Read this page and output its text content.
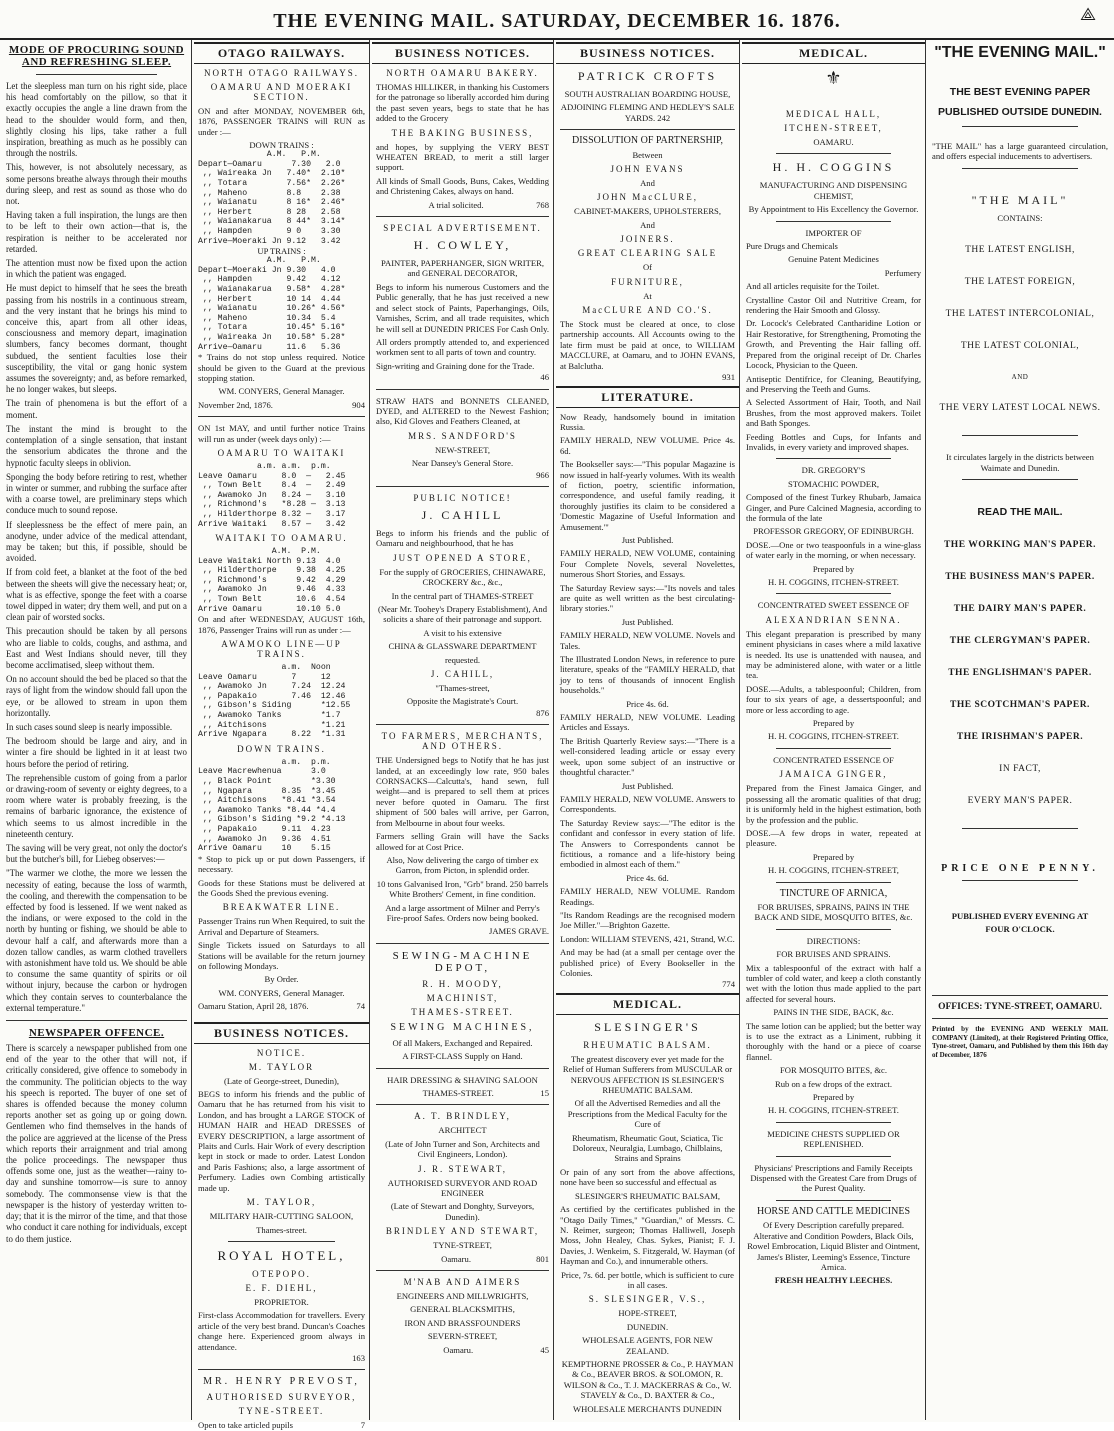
THE EVENING MAIL. SATURDAY, DECEMBER 16. 1876.	⟁
MODE OF PROCURING SOUND AND REFRESHING SLEEP.

Let the sleepless man turn on his right side, place his head comfortably on the pillow, so that it exactly occupies the angle a line drawn from the head to the shoulder would form, and then, slightly closing his lips, take rather a full inspiration, breathing as much as he possibly can through the nostrils.

This, however, is not absolutely necessary, as some persons breathe always through their mouths during sleep, and rest as sound as those who do not.

Having taken a full inspiration, the lungs are then to be left to their own action—that is, the respiration is neither to be accelerated nor retarded.

The attention must now be fixed upon the action in which the patient was engaged.

He must depict to himself that he sees the breath passing from his nostrils in a continuous stream, and the very instant that he brings his mind to conceive this, apart from all other ideas, consciousness and memory depart, imagination slumbers, fancy becomes dormant, thought subdued, the sentient faculties lose their susceptibility, the vital or gang honic system assumes the sovereignty; and, as before remarked, he no longer wakes, but sleeps.

The train of phenomena is but the effort of a moment.

The instant the mind is brought to the contemplation of a single sensation, that instant the sensorium abdicates the throne and the hypnotic faculty sleeps in oblivion.

Sponging the body before retiring to rest, whether in winter or summer, and rubbing the surface after with a coarse towel, are preliminary steps which conduce much to sound repose.

If sleeplessness be the effect of mere pain, an anodyne, under advice of the medical attendant, may be taken; but this, if possible, should be avoided.

If from cold feet, a blanket at the foot of the bed between the sheets will give the necessary heat; or, what is as effective, sponge the feet with a coarse towel dipped in water; dry them well, and put on a clean pair of worsted socks.

This precaution should be taken by all persons who are liable to colds, coughs, and asthma, and East and West Indians should never, till they become acclimatised, sleep without them.

On no account should the bed be placed so that the rays of light from the window should fall upon the eye, or be allowed to stream in upon them horizontally.

In such cases sound sleep is nearly impossible.

The bedroom should be large and airy, and in winter a fire should be lighted in it at least two hours before the period of retiring.

The reprehensible custom of going from a parlor or drawing-room of seventy or eighty degrees, to a room where water is probably freezing, is the remains of barbaric ignorance, the existence of which seems to us almost incredible in the nineteenth century.

The saving will be very great, not only the doctor's but the butcher's bill, for Liebeg observes:—

"The warmer we clothe, the more we lessen the necessity of eating, because the loss of warmth, the cooling, and therewith the compensation to be effected by food is lessened. If we went naked as the indians, or were exposed to the cold in the north by hunting or fishing, we should be able to devour half a calf, and afterwards more than a dozen tallow candles, as warm clothed travellers with astonishment have told us. We should be able to consume the same quantity of spirits or oil without injury, because the carbon or hydrogen which they contain serves to counterbalance the external temperature."

NEWSPAPER OFFENCE.

There is scarcely a newspaper published from one end of the year to the other that will not, if critically considered, give offence to somebody in the community. The politician objects to the way his speech is reported. The buyer of one set of shares is offended because the money column reports another set as going up or going down. Gentlemen who find themselves in the hands of the police are aggrieved at the license of the Press which reports their arraignment and trial among the police proceedings. The newspaper thus offends some one, just as the weather—rainy to-day and sunshine tomorrow—is sure to annoy somebody. The commonsense view is that the newspaper is the history of yesterday written to-day; that it is the mirror of the time, and that those who conduct it care nothing for individuals, except to do them justice.

OTAGO RAILWAYS.
NORTH OTAGO RAILWAYS.
OAMARU AND MOERAKI SECTION.

ON and after MONDAY, NOVEMBER 6th, 1876, PASSENGER TRAINS will RUN as under :—

DOWN TRAINS :
A.M.   P.M.
Depart—Oamaru      7.30   2.0
,, Waireaka Jn   7.40*  2.10*
,, Totara        7.56*  2.26*
,, Maheno        8.8    2.38
,, Waianatu      8 16*  2.46*
,, Herbert       8 28   2.58
,, Waianakarua   8 44*  3.14*
,, Hampden       9 0    3.30
Arrive—Moeraki Jn 9.12   3.42
UP TRAINS :
A.M.   P.M.
Depart—Moeraki Jn 9.30   4.0
,, Hampden       9.42   4.12
,, Waianakarua   9.58*  4.28*
,, Herbert       10 14  4.44
,, Waianatu      10.26* 4.56*
,, Maheno        10.34  5.4
,, Totara        10.45* 5.16*
,, Waireaka Jn   10.58* 5.28*
Arrive—Oamaru     11.6   5.36

* Trains do not stop unless required. Notice should be given to the Guard at the previous stopping station.

WM. CONYERS, General Manager.

November 2nd, 1876.	904

ON 1st MAY, and until further notice Trains will run as under (week days only) :—

OAMARU TO WAITAKI
a.m. a.m.  p.m.
Leave Oamaru     8.0  —   2.45
,, Town Belt    8.4  —   2.49
,, Awamoko Jn   8.24 —   3.10
,, Richmond's   *8.28 —  3.13
,, Hilderthorpe 8.32 —   3.17
Arrive Waitaki   8.57 —   3.42
WAITAKI TO OAMARU.
A.M.  P.M.
Leave Waitaki North 9.13  4.0
,, Hilderthorpe    9.38  4.25
,, Richmond's      9.42  4.29
,, Awamoko Jn      9.46  4.33
,, Town Belt       10.6  4.54
Arrive Oamaru       10.10 5.0

On and after WEDNESDAY, AUGUST 16th, 1876, Passenger Trains will run as under :—

AWAMOKO LINE—UP TRAINS.
a.m.  Noon
Leave Oamaru       7     12
,, Awamoko Jn     7.24  12.24
,, Papakaio       7.46  12.46
,, Gibson's Siding      *12.55
,, Awamoko Tanks        *1.7
,, Aitchisons           *1.21
Arrive Ngapara     8.22  *1.31
DOWN TRAINS.
a.m.  p.m.
Leave Macrewhenua      3.0
,, Black Point        *3.30
,, Ngapara      8.35  *3.45
,, Aitchisons   *8.41 *3.54
,, Awamoko Tanks *8.44 *4.4
,, Gibson's Siding *9.2 *4.13
,, Papakaio     9.11  4.23
,, Awamoko Jn   9.36  4.51
Arrive Oamaru    10    5.15

* Stop to pick up or put down Passengers, if necessary.

Goods for these Stations must be delivered at the Goods Shed the previous evening.

BREAKWATER LINE.

Passenger Trains run When Required, to suit the Arrival and Departure of Steamers.

Single Tickets issued on Saturdays to all Stations will be available for the return journey on following Mondays.

By Order.

WM. CONYERS, General Manager.

Oamaru Station, April 28, 1876.	74

BUSINESS NOTICES.
NOTICE.
M. TAYLOR

(Late of George-street, Dunedin),

BEGS to inform his friends and the public of Oamaru that he has returned from his visit to London, and has brought a LARGE STOCK of HUMAN HAIR and HEAD DRESSES of EVERY DESCRIPTION, a large assortment of Plaits and Curls. Hair Work of every description kept in stock or made to order. Latest London and Paris Fashions; also, a large assortment of Perfumery. Ladies own Combing artistically made up.

M. TAYLOR,

MILITARY HAIR-CUTTING SALOON,

Thames-street.

ROYAL HOTEL,
OTEPOPO.
E. F. DIEHL,

PROPRIETOR.

First-class Accommodation for travellers. Every article of the very best brand. Duncan's Coaches change here. Experienced groom always in attendance.

163

MR. HENRY PREVOST,
AUTHORISED SURVEYOR,
TYNE-STREET.

Open to take articled pupils	7

BUSINESS NOTICES.
NORTH OAMARU BAKERY.

THOMAS HILLIKER, in thanking his Customers for the patronage so liberally accorded him during the past seven years, begs to state that he has added to the Grocery

THE BAKING BUSINESS,

and hopes, by supplying the VERY BEST WHEATEN BREAD, to merit a still larger support.

All kinds of Small Goods, Buns, Cakes, Wedding and Christening Cakes, always on hand.

A trial solicited.	768

SPECIAL ADVERTISEMENT.
H. COWLEY,

PAINTER, PAPERHANGER, SIGN WRITER, and GENERAL DECORATOR,

Begs to inform his numerous Customers and the Public generally, that he has just received a new and select stock of Paints, Paperhangings, Oils, Varnishes, Scrim, and all trade requisites, which he will sell at DUNEDIN PRICES For Cash Only.

All orders promptly attended to, and experienced workmen sent to all parts of town and country.

Sign-writing and Graining done for the Trade.

46

STRAW HATS and BONNETS CLEANED, DYED, and ALTERED to the Newest Fashion; also, Kid Gloves and Feathers Cleaned, at

MRS. SANDFORD'S

NEW-STREET,

Near Dansey's General Store.

966

PUBLIC NOTICE!
J. CAHILL

Begs to inform his friends and the public of Oamaru and neighbourhood, that he has

JUST OPENED A STORE,

For the supply of GROCERIES, CHINAWARE, CROCKERY &c., &c.,

In the central part of THAMES-STREET

(Near Mr. Toohey's Drapery Establishment), And solicits a share of their patronage and support.

A visit to his extensive

CHINA & GLASSWARE DEPARTMENT

requested.

J. CAHILL,

"Thames-street,

Opposite the Magistrate's Court.

876

TO FARMERS, MERCHANTS, AND OTHERS.

THE Undersigned begs to Notify that he has just landed, at an exceedingly low rate, 950 bales CORNSACKS—Calcutta's, hand sewn, full weight—and is prepared to sell them at prices never before quoted in Oamaru. The first shipment of 500 bales will arrive, per Garron, from Melbourne in about four weeks.

Farmers selling Grain will have the Sacks allowed for at Cost Price.

Also, Now delivering the cargo of timber ex Garron, from Picton, in splendid order.

10 tons Galvanised Iron, "Grb" brand. 250 barrels White Brothers' Cement, in fine condition.

And a large assortment of Milner and Perry's Fire-proof Safes. Orders now being booked.

JAMES GRAVE.

SEWING-MACHINE DEPOT,
R. H. MOODY,
MACHINIST,
THAMES-STREET.
SEWING MACHINES,

Of all Makers, Exchanged and Repaired.

A FIRST-CLASS Supply on Hand.

HAIR DRESSING & SHAVING SALOON

THAMES-STREET.	15

A. T. BRINDLEY,

ARCHITECT

(Late of John Turner and Son, Architects and Civil Engineers, London).

J. R. STEWART,

AUTHORISED SURVEYOR AND ROAD ENGINEER

(Late of Stewart and Donghty, Surveyors, Dunedin).

BRINDLEY AND STEWART,

TYNE-STREET,

Oamaru.	801

M'NAB AND AIMERS

ENGINEERS AND MILLWRIGHTS,

GENERAL BLACKSMITHS,

IRON AND BRASSFOUNDERS

SEVERN-STREET,

Oamaru.	45

BUSINESS NOTICES.
PATRICK CROFTS

SOUTH AUSTRALIAN BOARDING HOUSE,

ADJOINING FLEMING AND HEDLEY'S SALE YARDS. 242

DISSOLUTION OF PARTNERSHIP,

Between

JOHN EVANS

And

JOHN MacCLURE,

CABINET-MAKERS, UPHOLSTERERS,

And

JOINERS.
GREAT CLEARING SALE

Of

FURNITURE,

At

MacCLURE AND CO.'S.

The Stock must be cleared at once, to close partnership accounts. All Accounts owing to the late firm must be paid at once, to WILLIAM MACCLURE, at Oamaru, and to JOHN EVANS, at Balclutha.

931

LITERATURE.

Now Ready, handsomely bound in imitation Russia.

FAMILY HERALD, NEW VOLUME. Price 4s. 6d.

The Bookseller says:—"This popular Magazine is now issued in half-yearly volumes. With its wealth of fiction, poetry, scientific information, correspondence, and useful family reading, it thoroughly justifies its claim to be considered a 'Domestic Magazine of Useful Information and Amusement.'"

Just Published.

FAMILY HERALD, NEW VOLUME, containing Four Complete Novels, several Novelettes, numerous Short Stories, and Essays.

The Saturday Review says:—"Its novels and tales are quite as well written as the best circulating-library stories."

Just Published.

FAMILY HERALD, NEW VOLUME. Novels and Tales.

The Illustrated London News, in reference to pure literature, speaks of the "FAMILY HERALD, that joy to tens of thousands of innocent English households."

Price 4s. 6d.

FAMILY HERALD, NEW VOLUME. Leading Articles and Essays.

The British Quarterly Review says:—"There is a well-considered leading article or essay every week, upon some subject of an instructive or thoughtful character."

Just Published.

FAMILY HERALD, NEW VOLUME. Answers to Correspondents.

The Saturday Review says:—"The editor is the confidant and confessor in every station of life. The Answers to Correspondents cannot be fictitious, a romance and a life-history being embodied in almost each of them."

Price 4s. 6d.

FAMILY HERALD, NEW VOLUME. Random Readings.

"Its Random Readings are the recognised modern Joe Miller."—Brighton Gazette.

London: WILLIAM STEVENS, 421, Strand, W.C.

And may be had (at a small per centage over the published price) of Every Bookseller in the Colonies.

774

MEDICAL.
SLESINGER'S
RHEUMATIC BALSAM.

The greatest discovery ever yet made for the Relief of Human Sufferers from MUSCULAR or NERVOUS AFFECTION IS SLESINGER'S RHEUMATIC BALSAM.

Of all the Advertised Remedies and all the Prescriptions from the Medical Faculty for the Cure of

Rheumatism, Rheumatic Gout, Sciatica, Tic Doloreux, Neuralgia, Lumbago, Chilblains, Strains and Sprains

Or pain of any sort from the above affections, none have been so successful and effectual as

SLESINGER'S RHEUMATIC BALSAM,

As certified by the certificates published in the "Otago Daily Times," "Guardian," of Messrs. C. N. Reimer, surgeon; Thomas Halliwell, Joseph Moss, John Healey, Chas. Sykes, Pianist; F. J. Davies, J. Wenkeim, S. Fitzgerald, W. Hayman (of Hayman and Co.), and innumerable others.

Price, 7s. 6d. per bottle, which is sufficient to cure in all cases.

S. SLESINGER, V.S.,

HOPE-STREET,

DUNEDIN.

WHOLESALE AGENTS, FOR NEW ZEALAND.

KEMPTHORNE PROSSER & Co., P. HAYMAN & Co., BEAVER BROS. & SOLOMON, R. WILSON & Co., T. J. MACKERRAS & Co., W. STAVELY & Co., D. BAXTER & Co.,

WHOLESALE MERCHANTS DUNEDIN

MEDICAL.
⚜
MEDICAL HALL,
ITCHEN-STREET,

OAMARU.

H. H. COGGINS

MANUFACTURING AND DISPENSING CHEMIST,

By Appointment to His Excellency the Governor.

IMPORTER OF

Pure Drugs and Chemicals

Genuine Patent Medicines

Perfumery

And all articles requisite for the Toilet.

Crystalline Castor Oil and Nutritive Cream, for rendering the Hair Smooth and Glossy.

Dr. Locock's Celebrated Cantharidine Lotion or Hair Restorative, for Strengthening, Promoting the Growth, and Preventing the Hair falling off. Prepared from the original receipt of Dr. Charles Locock, Physician to the Queen.

Antiseptic Dentifrice, for Cleaning, Beautifying, and Preserving the Teeth and Gums.

A Selected Assortment of Hair, Tooth, and Nail Brushes, from the most approved makers. Toilet and Bath Sponges.

Feeding Bottles and Cups, for Infants and Invalids, in every variety and improved shapes.

DR. GREGORY'S

STOMACHIC POWDER,

Composed of the finest Turkey Rhubarb, Jamaica Ginger, and Pure Calcined Magnesia, according to the formula of the late

PROFESSOR GREGORY, OF EDINBURGH.

DOSE.—One or two teaspoonfuls in a wine-glass of water early in the morning, or when necessary.

Prepared by

H. H. COGGINS, ITCHEN-STREET.

CONCENTRATED SWEET ESSENCE OF

ALEXANDRIAN SENNA.

This elegant preparation is prescribed by many eminent physicians in cases where a mild laxative is needed. Its use is unattended with nausea, and may be administered alone, with water or a little tea.

DOSE.—Adults, a tablespoonful; Children, from four to six years of age, a dessertspoonful; and more or less according to age.

Prepared by

H. H. COGGINS, ITCHEN-STREET.

CONCENTRATED ESSENCE OF

JAMAICA GINGER,

Prepared from the Finest Jamaica Ginger, and possessing all the aromatic qualities of that drug; it is uniformly held in the highest estimation, both by the profession and the public.

DOSE.—A few drops in water, repeated at pleasure.

Prepared by

H. H. COGGINS, ITCHEN-STREET,

TINCTURE OF ARNICA,

FOR BRUISES, SPRAINS, PAINS IN THE BACK AND SIDE, MOSQUITO BITES, &c.

DIRECTIONS:

FOR BRUISES AND SPRAINS.

Mix a tablespoonful of the extract with half a tumbler of cold water, and keep a cloth constantly wet with the lotion thus made applied to the part affected for several hours.

PAINS IN THE SIDE, BACK, &c.

The same lotion can be applied; but the better way is to use the extract as a Liniment, rubbing it thoroughly with the hand or a piece of coarse flannel.

FOR MOSQUITO BITES, &c.

Rub on a few drops of the extract.

Prepared by

H. H. COGGINS, ITCHEN-STREET.

MEDICINE CHESTS SUPPLIED OR REPLENISHED.

Physicians' Prescriptions and Family Receipts Dispensed with the Greatest Care from Drugs of the Purest Quality.

HORSE AND CATTLE MEDICINES

Of Every Description carefully prepared. Alterative and Condition Powders, Black Oils, Rowel Embrocation, Liquid Blister and Ointment, James's Blister, Leeming's Essence, Tincture Arnica.

FRESH HEALTHY LEECHES.

"THE EVENING MAIL."
THE BEST EVENING PAPER
PUBLISHED OUTSIDE DUNEDIN.

"THE MAIL" has a large guaranteed circulation, and offers especial inducements to advertisers.

"THE MAIL"

CONTAINS:

THE LATEST ENGLISH,
THE LATEST FOREIGN,
THE LATEST INTERCOLONIAL,
THE LATEST COLONIAL,
AND
THE VERY LATEST LOCAL NEWS.

It circulates largely in the districts between Waimate and Dunedin.

READ THE MAIL.
THE WORKING MAN'S PAPER.
THE BUSINESS MAN'S PAPER.
THE DAIRY MAN'S PAPER.
THE CLERGYMAN'S PAPER.
THE ENGLISHMAN'S PAPER.
THE SCOTCHMAN'S PAPER.
THE IRISHMAN'S PAPER.
IN FACT,
EVERY MAN'S PAPER.
PRICE ONE PENNY.

PUBLISHED EVERY EVENING AT

FOUR O'CLOCK.

OFFICES: TYNE-STREET, OAMARU.

Printed by the EVENING AND WEEKLY MAIL COMPANY (Limited), at their Registered Printing Office, Tyne-street, Oamaru, and Published by them this 16th day of December, 1876
